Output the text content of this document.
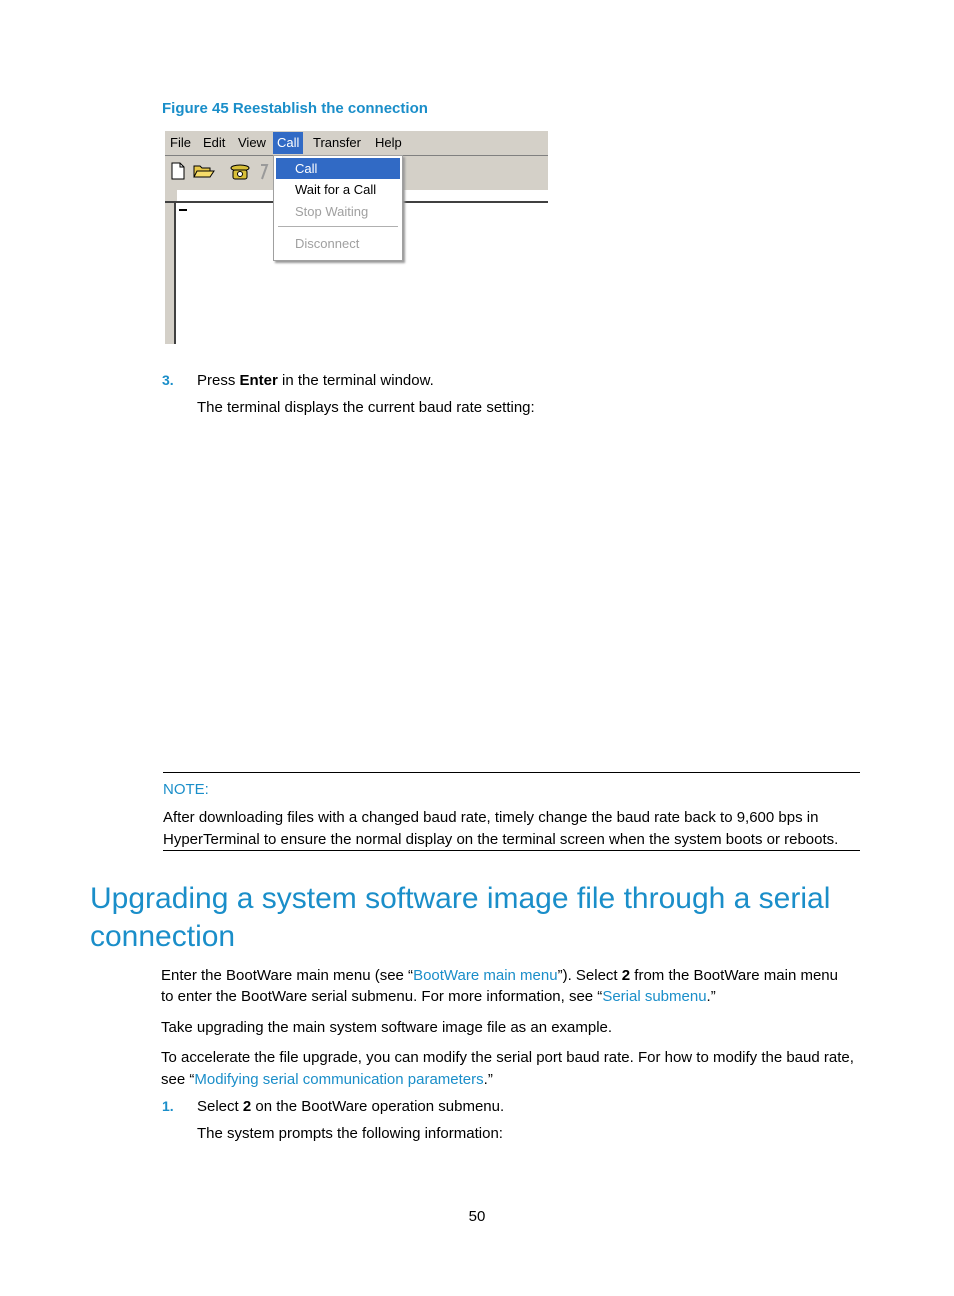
Figure 45 Reestablish the connection
File Edit View Call	Transfer Help
Call
Wait for a Call
Stop Waiting
Disconnect
3. Press Enter in the terminal window.
The terminal displays the current baud rate setting:
NOTE:
After downloading files with a changed baud rate, timely change the baud rate back to 9,600 bps in
HyperTerminal to ensure the normal display on the terminal screen when the system boots or reboots.
Upgrading a system software image file through a serial
connection
Enter the BootWare main menu (see “BootWare main menu”). Select 2 from the BootWare main menu
to enter the BootWare serial submenu. For more information, see “Serial submenu.”
Take upgrading the main system software image file as an example.
To accelerate the file upgrade, you can modify the serial port baud rate. For how to modify the baud rate,
see “Modifying serial communication parameters.”
1. Select 2 on the BootWare operation submenu.
The system prompts the following information:
50
